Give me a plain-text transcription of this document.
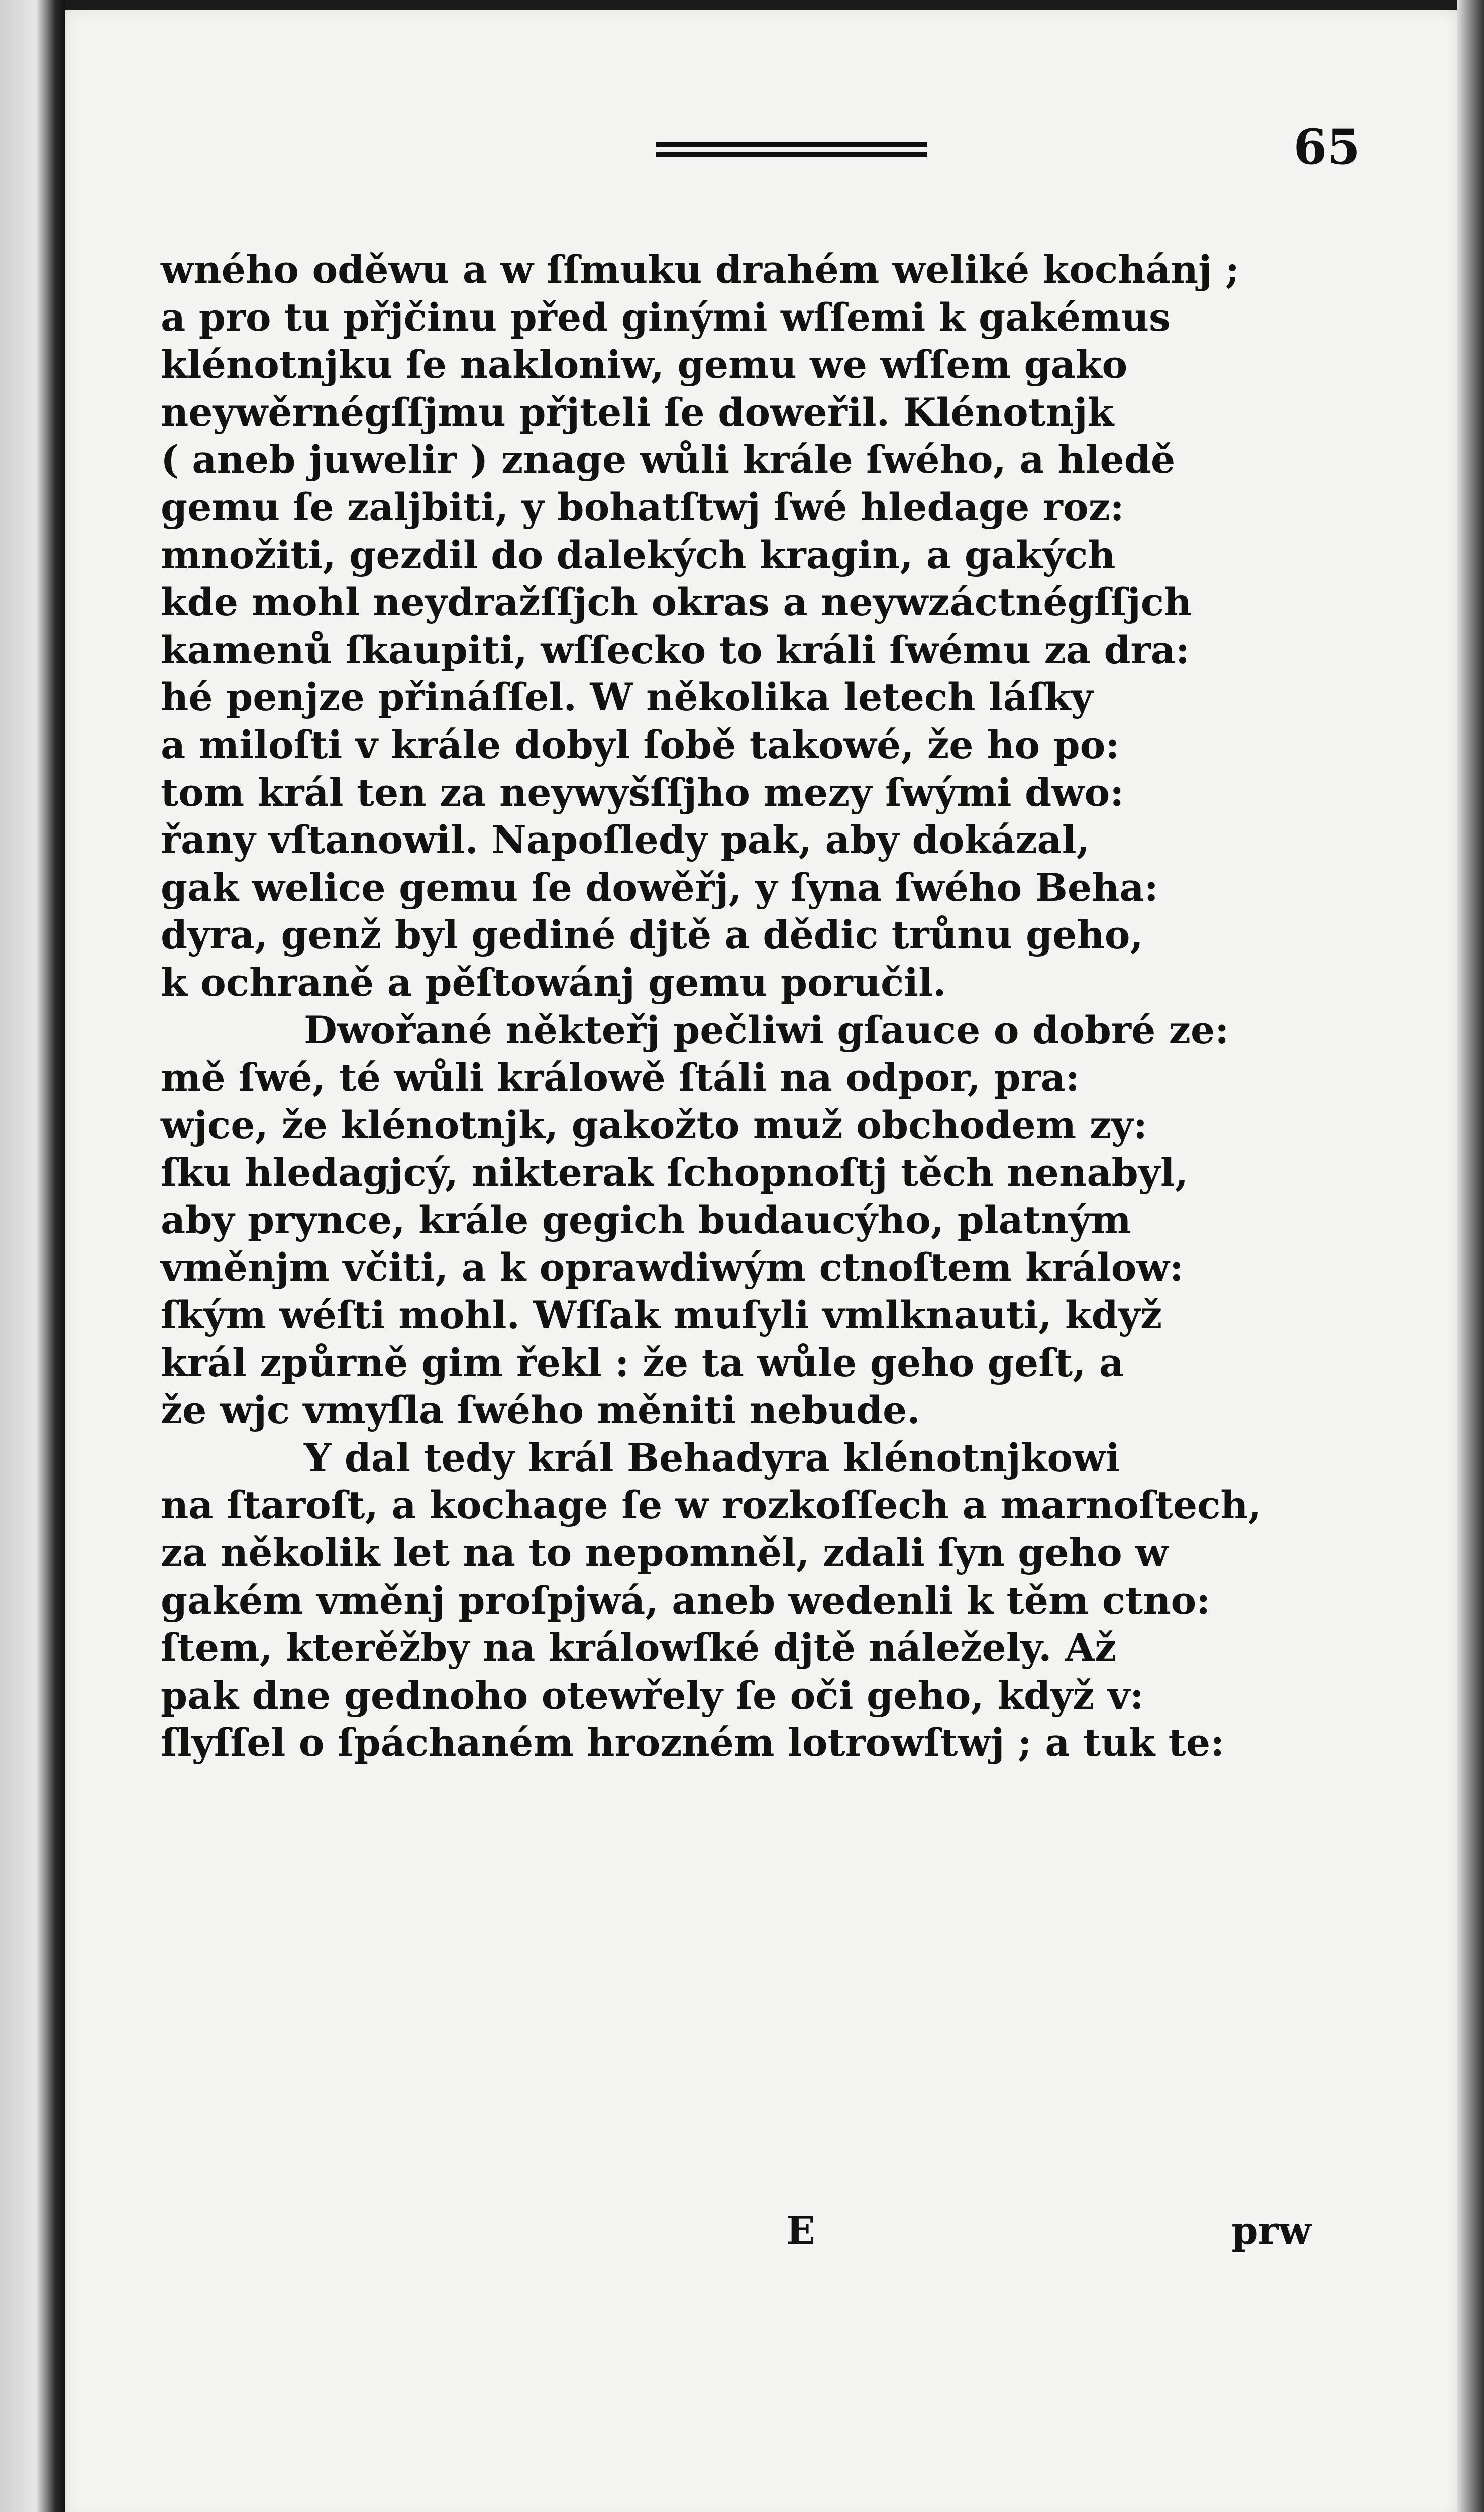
65
wného oděwu a w ſſmuku drahém weliké kochánj ;
a pro tu přjčinu před ginými wſſemi k gakémus
klénotnjku ſe nakloniw, gemu we wſſem gako
neywěrnégſſjmu přjteli ſe doweřil. Klénotnjk
( aneb juwelir ) znage wůli krále ſwého, a hledě
gemu ſe zaljbiti, y bohatſtwj ſwé hledage roz:
množiti, gezdil do dalekých kragin, a gakých
kde mohl neydražſſjch okras a neywzáctnégſſjch
kamenů ſkaupiti, wſſecko to králi ſwému za dra:
hé penjze přináſſel. W několika letech láſky
a miloſti v krále dobyl ſobě takowé, že ho po:
tom král ten za neywyšſſjho mezy ſwými dwo:
řany vſtanowil. Napoſledy pak, aby dokázal,
gak welice gemu ſe dowěřj, y ſyna ſwého Beha:
dyra, genž byl gediné djtě a dědic trůnu geho,
k ochraně a pěſtowánj gemu poručil.
Dwořané někteřj pečliwi gſauce o dobré ze:
mě ſwé, té wůli králowě ſtáli na odpor, pra:
wjce, že klénotnjk, gakožto muž obchodem zy:
ſku hledagjcý, nikterak ſchopnoſtj těch nenabyl,
aby prynce, krále gegich budaucýho, platným
vměnjm včiti, a k oprawdiwým ctnoſtem králow:
ſkým wéſti mohl. Wſſak muſyli vmlknauti, když
král způrně gim řekl : že ta wůle geho geſt, a
že wjc vmyſla ſwého měniti nebude.
Y dal tedy král Behadyra klénotnjkowi
na ſtaroſt, a kochage ſe w rozkoſſech a marnoſtech,
za několik let na to nepomněl, zdali ſyn geho w
gakém vměnj proſpjwá, aneb wedenli k těm ctno:
ſtem, kterěžby na králowſké djtě náležely. Až
pak dne gednoho otewřely ſe oči geho, když v:
ſlyſſel o ſpáchaném hrozném lotrowſtwj ; a tuk te:
E	prw
